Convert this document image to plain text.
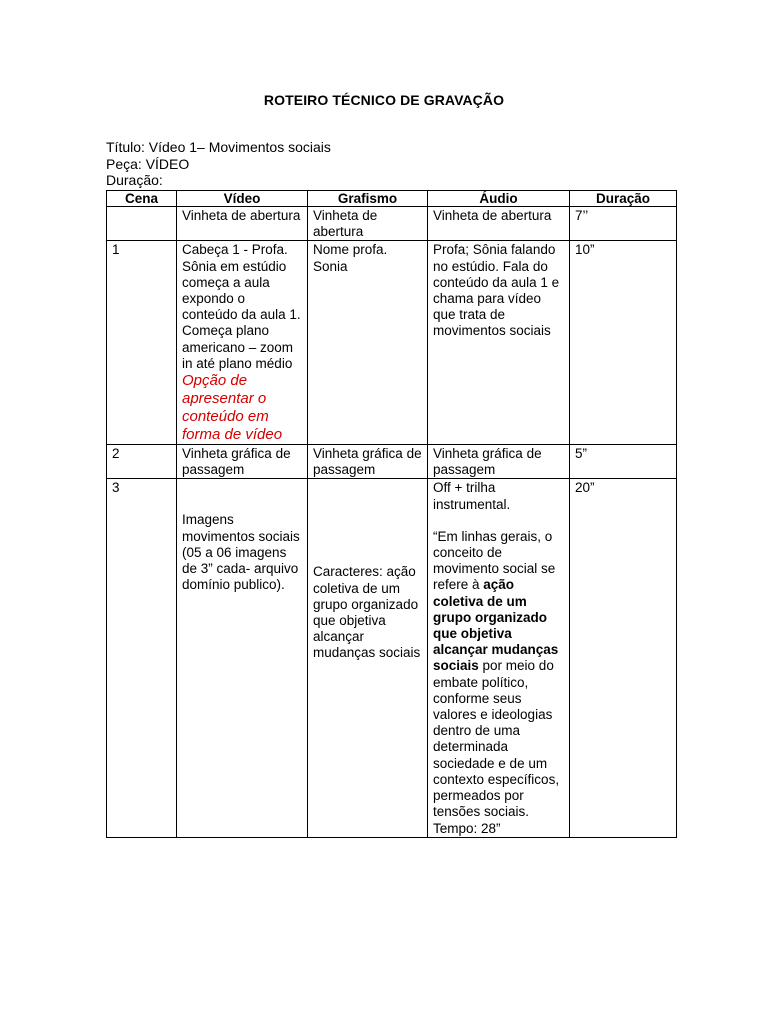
ROTEIRO TÉCNICO DE GRAVAÇÃO
Título: Vídeo 1– Movimentos sociais
Peça: VÍDEO
Duração:
Cena	Vídeo	Grafismo	Áudio	Duração
	Vinheta de abertura	Vinheta de abertura	Vinheta de abertura	7’’
1	Cabeça 1 - Profa. Sônia em estúdio começa a aula expondo o conteúdo da aula 1.
Começa plano americano – zoom in até plano médio
Opção de apresentar o conteúdo em forma de vídeo	Nome profa. Sonia	Profa; Sônia falando no estúdio. Fala do conteúdo da aula 1 e chama para vídeo que trata de movimentos sociais	10”
2	Vinheta gráfica de passagem	Vinheta gráfica de passagem	Vinheta gráfica de passagem	5”
3	Imagens movimentos sociais (05 a 06 imagens de 3” cada- arquivo domínio publico).	Caracteres: ação coletiva de um grupo organizado que objetiva alcançar mudanças sociais	Off + trilha instrumental.
“Em linhas gerais, o conceito de movimento social se refere à ação coletiva de um grupo organizado que objetiva alcançar mudanças sociais por meio do embate político, conforme seus valores e ideologias dentro de uma determinada sociedade e de um contexto específicos, permeados por tensões sociais.
Tempo: 28”	20”
